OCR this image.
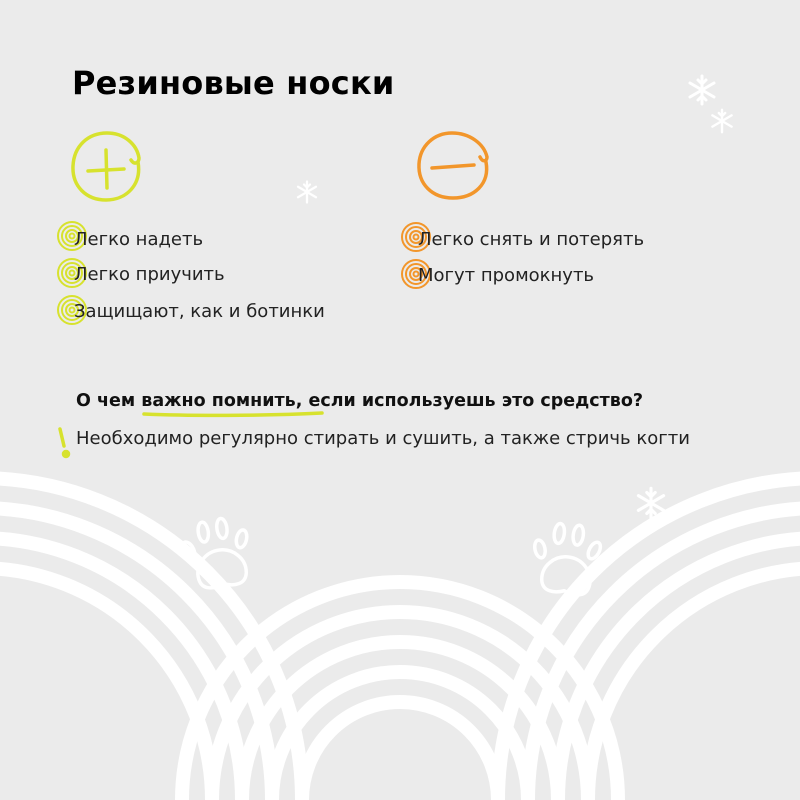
Резиновые носки
Легко надеть
Легко приучить
Защищают, как и ботинки
Легко снять и потерять
Могут промокнуть
О чем важно помнить, если используешь это средство?
Необходимо регулярно стирать и сушить, а также стричь когти
